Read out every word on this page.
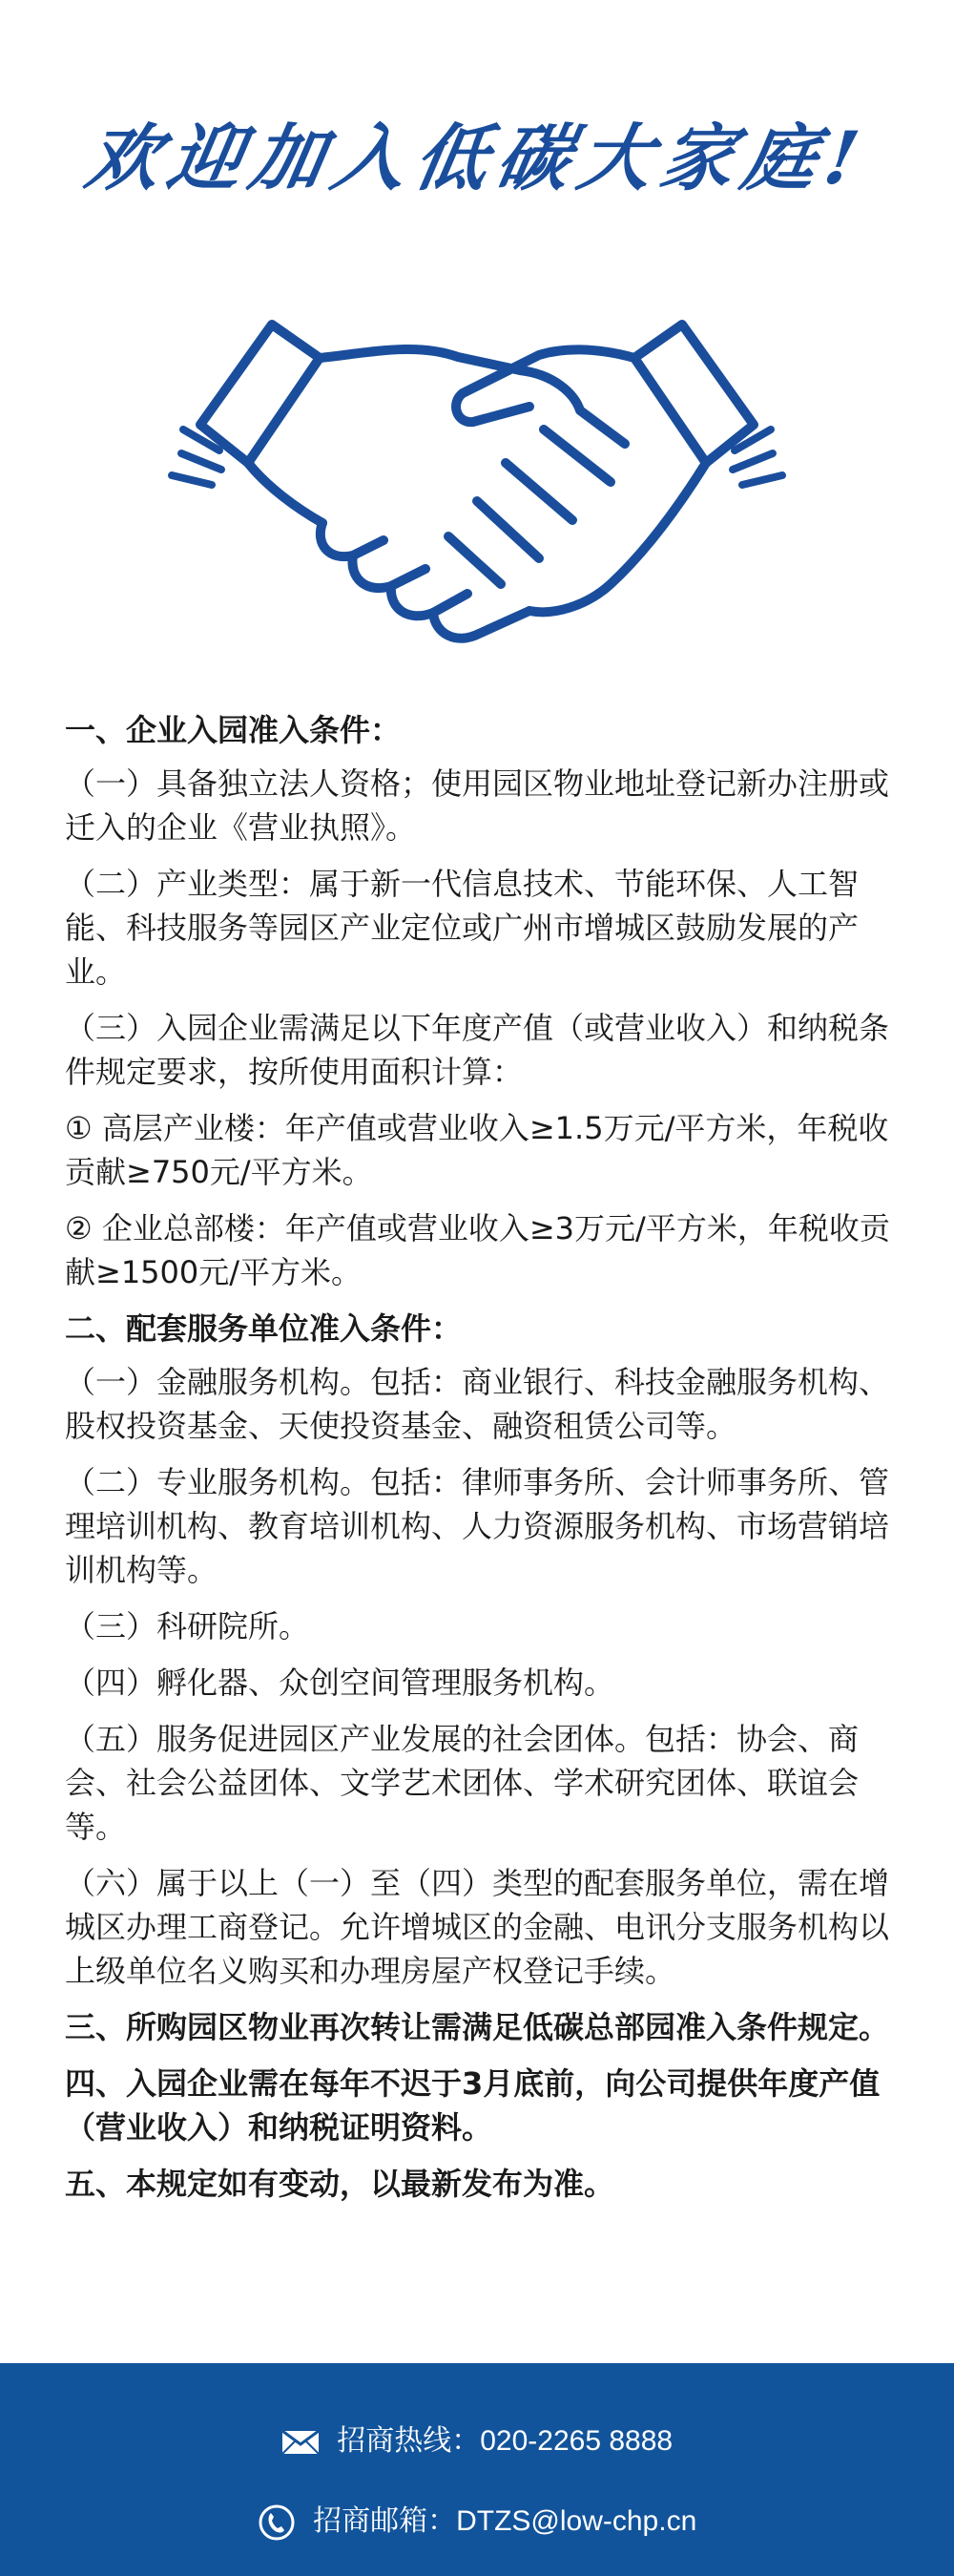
欢迎加入低碳大家庭!

一、企业入园准入条件：

（一）具备独立法人资格；使用园区物业地址登记新办注册或迁入的企业《营业执照》。

（二）产业类型：属于新一代信息技术、节能环保、人工智能、科技服务等园区产业定位或广州市增城区鼓励发展的产业。

（三）入园企业需满足以下年度产值（或营业收入）和纳税条件规定要求，按所使用面积计算：

① 高层产业楼：年产值或营业收入≥1.5万元/平方米，年税收贡献≥750元/平方米。

② 企业总部楼：年产值或营业收入≥3万元/平方米，年税收贡献≥1500元/平方米。

二、配套服务单位准入条件：

（一）金融服务机构。包括：商业银行、科技金融服务机构、股权投资基金、天使投资基金、融资租赁公司等。

（二）专业服务机构。包括：律师事务所、会计师事务所、管理培训机构、教育培训机构、人力资源服务机构、市场营销培训机构等。

（三）科研院所。

（四）孵化器、众创空间管理服务机构。

（五）服务促进园区产业发展的社会团体。包括：协会、商会、社会公益团体、文学艺术团体、学术研究团体、联谊会等。

（六）属于以上（一）至（四）类型的配套服务单位，需在增城区办理工商登记。允许增城区的金融、电讯分支服务机构以上级单位名义购买和办理房屋产权登记手续。

三、所购园区物业再次转让需满足低碳总部园准入条件规定。

四、入园企业需在每年不迟于3月底前，向公司提供年度产值（营业收入）和纳税证明资料。

五、本规定如有变动，以最新发布为准。

招商热线：020-2265 8888
招商邮箱：DTZS@low-chp.cn
